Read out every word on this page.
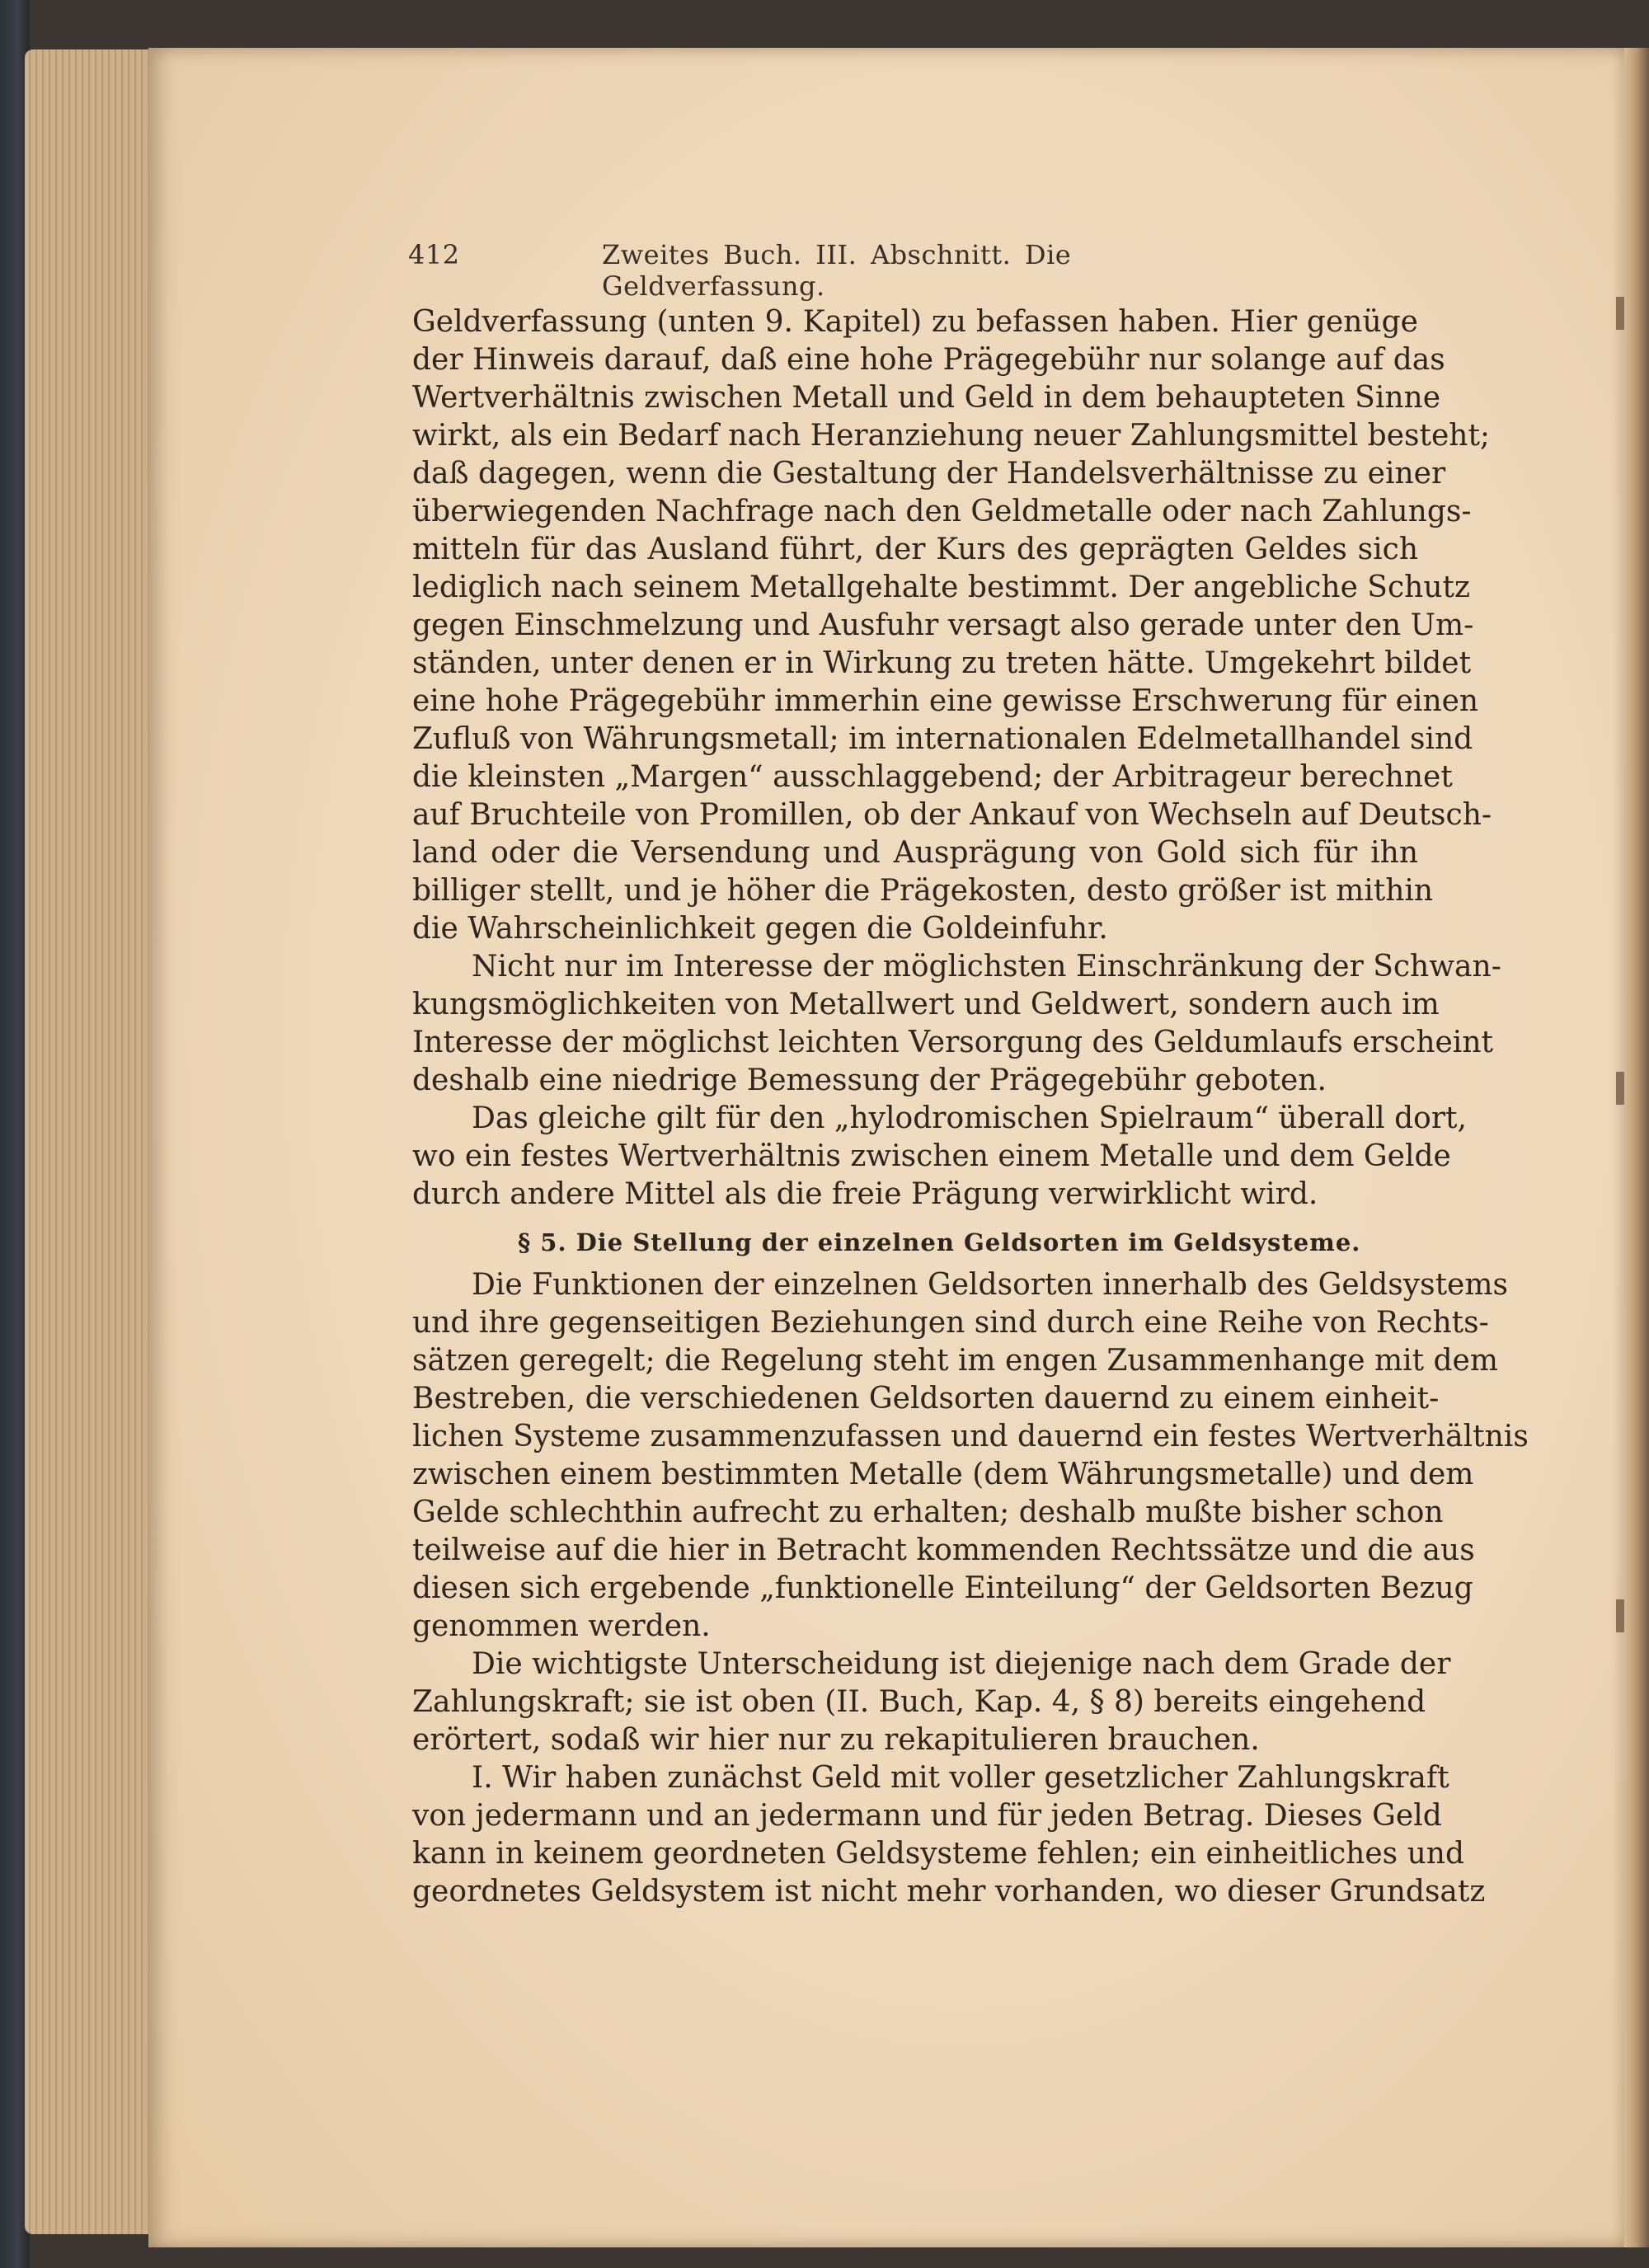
412	Zweites Buch. III. Abschnitt. Die Geldverfassung.
Geldverfassung (unten 9. Kapitel) zu befassen haben. Hier genüge
der Hinweis darauf, daß eine hohe Prägegebühr nur solange auf das
Wertverhältnis zwischen Metall und Geld in dem behaupteten Sinne
wirkt, als ein Bedarf nach Heranziehung neuer Zahlungsmittel besteht;
daß dagegen, wenn die Gestaltung der Handelsverhältnisse zu einer
überwiegenden Nachfrage nach den Geldmetalle oder nach Zahlungs-
mitteln für das Ausland führt, der Kurs des geprägten Geldes sich
lediglich nach seinem Metallgehalte bestimmt. Der angebliche Schutz
gegen Einschmelzung und Ausfuhr versagt also gerade unter den Um-
ständen, unter denen er in Wirkung zu treten hätte. Umgekehrt bildet
eine hohe Prägegebühr immerhin eine gewisse Erschwerung für einen
Zufluß von Währungsmetall; im internationalen Edelmetallhandel sind
die kleinsten „Margen“ ausschlaggebend; der Arbitrageur berechnet
auf Bruchteile von Promillen, ob der Ankauf von Wechseln auf Deutsch-
land oder die Versendung und Ausprägung von Gold sich für ihn
billiger stellt, und je höher die Prägekosten, desto größer ist mithin
die Wahrscheinlichkeit gegen die Goldeinfuhr.
Nicht nur im Interesse der möglichsten Einschränkung der Schwan-
kungsmöglichkeiten von Metallwert und Geldwert, sondern auch im
Interesse der möglichst leichten Versorgung des Geldumlaufs erscheint
deshalb eine niedrige Bemessung der Prägegebühr geboten.
Das gleiche gilt für den „hylodromischen Spielraum“ überall dort,
wo ein festes Wertverhältnis zwischen einem Metalle und dem Gelde
durch andere Mittel als die freie Prägung verwirklicht wird.
§ 5. Die Stellung der einzelnen Geldsorten im Geldsysteme.
Die Funktionen der einzelnen Geldsorten innerhalb des Geldsystems
und ihre gegenseitigen Beziehungen sind durch eine Reihe von Rechts-
sätzen geregelt; die Regelung steht im engen Zusammenhange mit dem
Bestreben, die verschiedenen Geldsorten dauernd zu einem einheit-
lichen Systeme zusammenzufassen und dauernd ein festes Wertverhältnis
zwischen einem bestimmten Metalle (dem Währungsmetalle) und dem
Gelde schlechthin aufrecht zu erhalten; deshalb mußte bisher schon
teilweise auf die hier in Betracht kommenden Rechtssätze und die aus
diesen sich ergebende „funktionelle Einteilung“ der Geldsorten Bezug
genommen werden.
Die wichtigste Unterscheidung ist diejenige nach dem Grade der
Zahlungskraft; sie ist oben (II. Buch, Kap. 4, § 8) bereits eingehend
erörtert, sodaß wir hier nur zu rekapitulieren brauchen.
I. Wir haben zunächst Geld mit voller gesetzlicher Zahlungskraft
von jedermann und an jedermann und für jeden Betrag. Dieses Geld
kann in keinem geordneten Geldsysteme fehlen; ein einheitliches und
geordnetes Geldsystem ist nicht mehr vorhanden, wo dieser Grundsatz
